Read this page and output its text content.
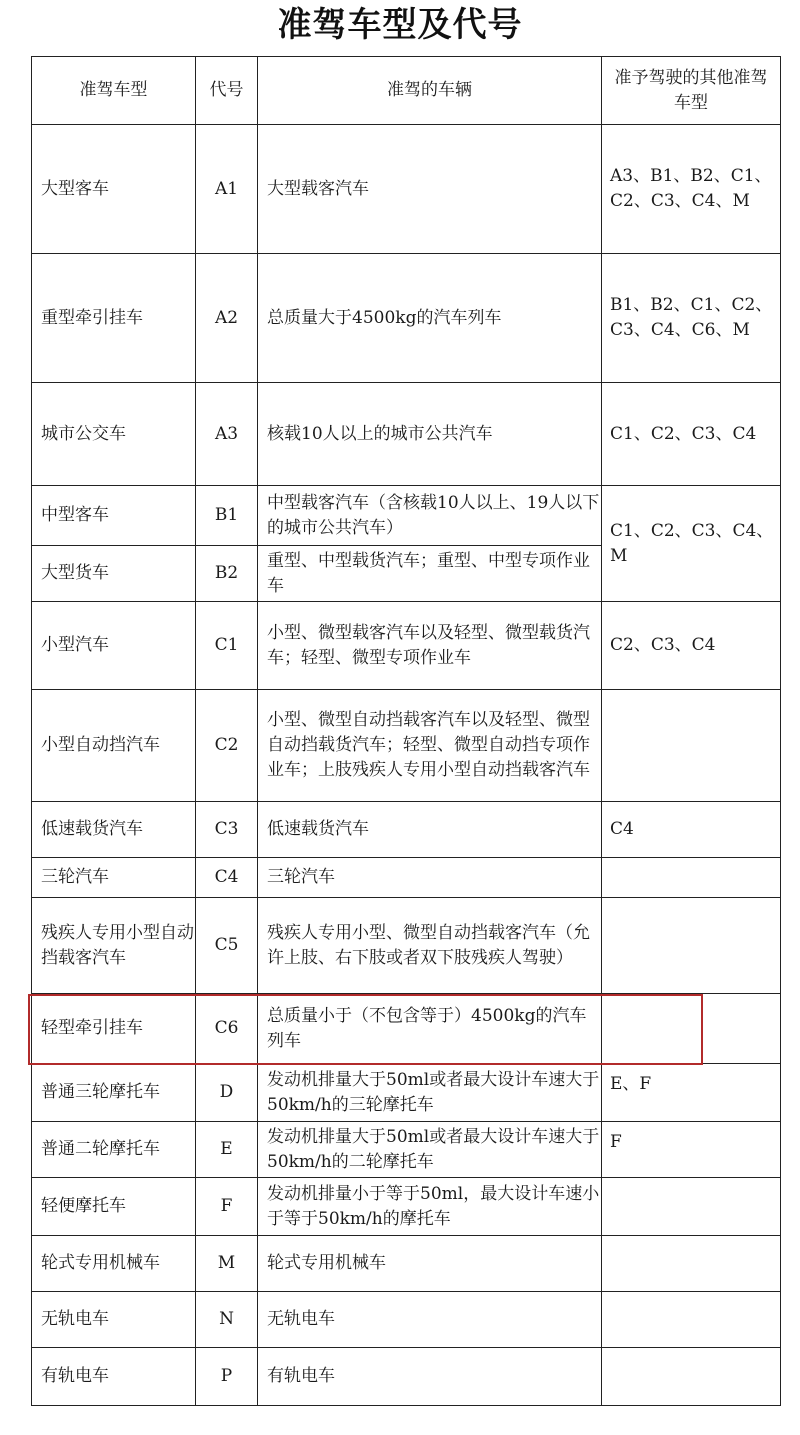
准驾车型及代号
准驾车型	代号	准驾的车辆	准予驾驶的其他准驾车型
大型客车	A1	大型载客汽车	A3、B1、B2、C1、C2、C3、C4、M
重型牵引挂车	A2	总质量大于4500kg的汽车列车	B1、B2、C1、C2、C3、C4、C6、M
城市公交车	A3	核载10人以上的城市公共汽车	C1、C2、C3、C4
中型客车	B1	中型载客汽车（含核载10人以上、19人以下的城市公共汽车）	C1、C2、C3、C4、M
大型货车	B2	重型、中型载货汽车；重型、中型专项作业车	
小型汽车	C1	小型、微型载客汽车以及轻型、微型载货汽车；轻型、微型专项作业车	C2、C3、C4
小型自动挡汽车	C2	小型、微型自动挡载客汽车以及轻型、微型自动挡载货汽车；轻型、微型自动挡专项作业车；上肢残疾人专用小型自动挡载客汽车	
低速载货汽车	C3	低速载货汽车	C4
三轮汽车	C4	三轮汽车	
残疾人专用小型自动挡载客汽车	C5	残疾人专用小型、微型自动挡载客汽车（允许上肢、右下肢或者双下肢残疾人驾驶）	
轻型牵引挂车	C6	总质量小于（不包含等于）4500kg的汽车列车	
普通三轮摩托车	D	发动机排量大于50ml或者最大设计车速大于50km/h的三轮摩托车	E、F
普通二轮摩托车	E	发动机排量大于50ml或者最大设计车速大于50km/h的二轮摩托车	F
轻便摩托车	F	发动机排量小于等于50ml，最大设计车速小于等于50km/h的摩托车	
轮式专用机械车	M	轮式专用机械车	
无轨电车	N	无轨电车	
有轨电车	P	有轨电车	
